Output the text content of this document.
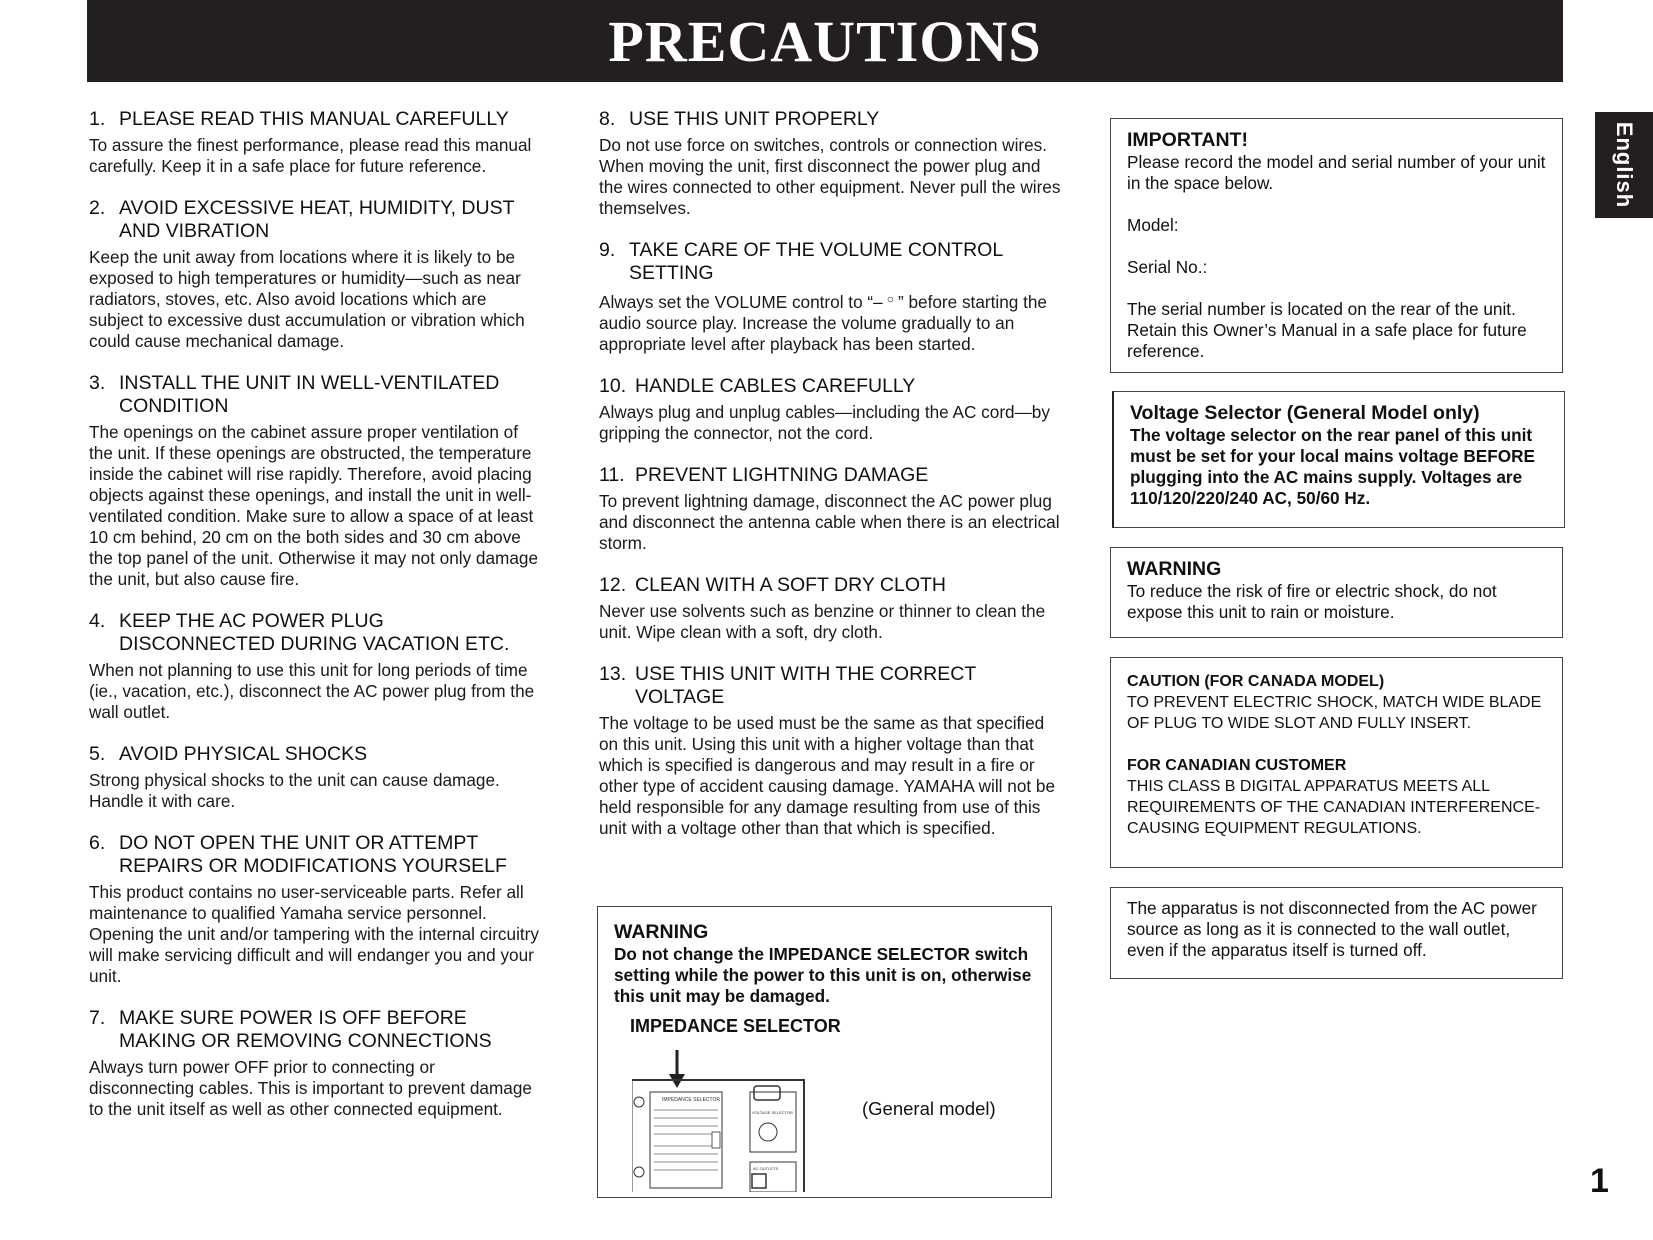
PRECAUTIONS
English
1. PLEASE READ THIS MANUAL CAREFULLY
To assure the finest performance, please read this manual carefully. Keep it in a safe place for future reference.
2. AVOID EXCESSIVE HEAT, HUMIDITY, DUST AND VIBRATION
Keep the unit away from locations where it is likely to be exposed to high temperatures or humidity—such as near radiators, stoves, etc. Also avoid locations which are subject to excessive dust accumulation or vibration which could cause mechanical damage.
3. INSTALL THE UNIT IN WELL-VENTILATED CONDITION
The openings on the cabinet assure proper ventilation of the unit. If these openings are obstructed, the temperature inside the cabinet will rise rapidly. Therefore, avoid placing objects against these openings, and install the unit in well-ventilated condition. Make sure to allow a space of at least 10 cm behind, 20 cm on the both sides and 30 cm above the top panel of the unit. Otherwise it may not only damage the unit, but also cause fire.
4. KEEP THE AC POWER PLUG DISCONNECTED DURING VACATION ETC.
When not planning to use this unit for long periods of time (ie., vacation, etc.), disconnect the AC power plug from the wall outlet.
5. AVOID PHYSICAL SHOCKS
Strong physical shocks to the unit can cause damage. Handle it with care.
6. DO NOT OPEN THE UNIT OR ATTEMPT REPAIRS OR MODIFICATIONS YOURSELF
This product contains no user-serviceable parts. Refer all maintenance to qualified Yamaha service personnel. Opening the unit and/or tampering with the internal circuitry will make servicing difficult and will endanger you and your unit.
7. MAKE SURE POWER IS OFF BEFORE MAKING OR REMOVING CONNECTIONS
Always turn power OFF prior to connecting or disconnecting cables. This is important to prevent damage to the unit itself as well as other connected equipment.
8. USE THIS UNIT PROPERLY
Do not use force on switches, controls or connection wires. When moving the unit, first disconnect the power plug and the wires connected to other equipment. Never pull the wires themselves.
9. TAKE CARE OF THE VOLUME CONTROL SETTING
Always set the VOLUME control to “– ○ ” before starting the audio source play. Increase the volume gradually to an appropriate level after playback has been started.
10. HANDLE CABLES CAREFULLY
Always plug and unplug cables—including the AC cord—by gripping the connector, not the cord.
11. PREVENT LIGHTNING DAMAGE
To prevent lightning damage, disconnect the AC power plug and disconnect the antenna cable when there is an electrical storm.
12. CLEAN WITH A SOFT DRY CLOTH
Never use solvents such as benzine or thinner to clean the unit. Wipe clean with a soft, dry cloth.
13. USE THIS UNIT WITH THE CORRECT VOLTAGE
The voltage to be used must be the same as that specified on this unit. Using this unit with a higher voltage than that which is specified is dangerous and may result in a fire or other type of accident causing damage. YAMAHA will not be held responsible for any damage resulting from use of this unit with a voltage other than that which is specified.
WARNING
Do not change the IMPEDANCE SELECTOR switch setting while the power to this unit is on, otherwise this unit may be damaged.
IMPEDANCE SELECTOR
IMPEDANCE SELECTOR
VOLTAGE SELECTOR
AC OUTLETS
(General model)
IMPORTANT!
Please record the model and serial number of your unit in the space below.
Model:
Serial No.:
The serial number is located on the rear of the unit. Retain this Owner’s Manual in a safe place for future reference.
Voltage Selector (General Model only)
The voltage selector on the rear panel of this unit must be set for your local mains voltage BEFORE plugging into the AC mains supply. Voltages are 110/120/220/240 AC, 50/60 Hz.
WARNING
To reduce the risk of fire or electric shock, do not expose this unit to rain or moisture.
CAUTION (FOR CANADA MODEL)
TO PREVENT ELECTRIC SHOCK, MATCH WIDE BLADE OF PLUG TO WIDE SLOT AND FULLY INSERT.
FOR CANADIAN CUSTOMER
THIS CLASS B DIGITAL APPARATUS MEETS ALL REQUIREMENTS OF THE CANADIAN INTERFERENCE-CAUSING EQUIPMENT REGULATIONS.
The apparatus is not disconnected from the AC power source as long as it is connected to the wall outlet, even if the apparatus itself is turned off.
1
